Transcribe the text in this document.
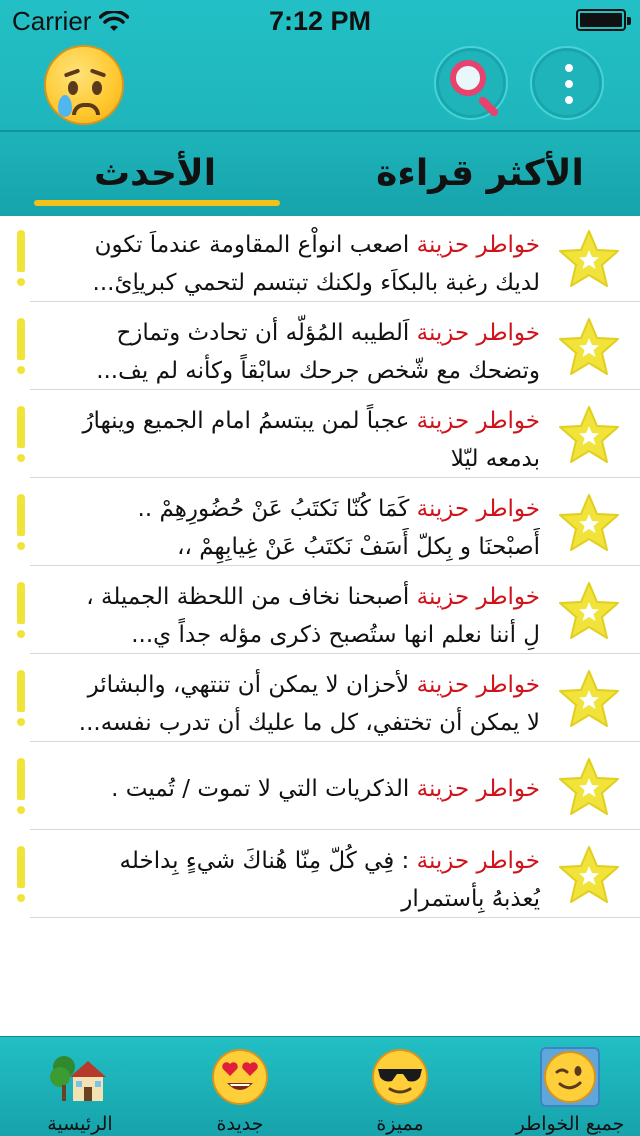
Carrier	7:12 PM
الأحدث	الأكثر قراءة
خواطر حزينة اصعب انواْع المقاومة عندماَ تكون
لديك رغبة بالبكاَء ولكنك تبتسم لتحمي كبرياِئ...
خواطر حزينة اَلطيبه المُؤلّه أن تحادث وتمازح
وتضحك مع شّخص جرحك سابْقاً وكأنه لم يف...
خواطر حزينة عجباً لمن يبتسمُ امام الجميع وينهارُ
بدمعه ليّلا
خواطر حزينة كَمَا كُنّا نَكتَبُ عَنْ حُضُورِهِمْ ..
أَصبْحنَا و بِكلّ أَسَفْ نَكتَبُ عَنْ غِيابِهِمْ ،،
خواطر حزينة أصبحنا نخاف من اللحظة الجميلة ،
لِ أننا نعلم انها ستُصبح ذكرى مؤله جداً ي...
خواطر حزينة لأحزان لا يمكن أن تنتهي، والبشائر
لا يمكن أن تختفي، كل ما عليك أن تدرب نفسه...
خواطر حزينة الذكريات التي لا تموت / تُميت .
خواطر حزينة : فِي كُلّ مِنّا هُناكَ شيءٍ بِداخله
يُعذبهُ بِأستمرار
جميع الخواطر
مميزة
جديدة
الرئيسية
